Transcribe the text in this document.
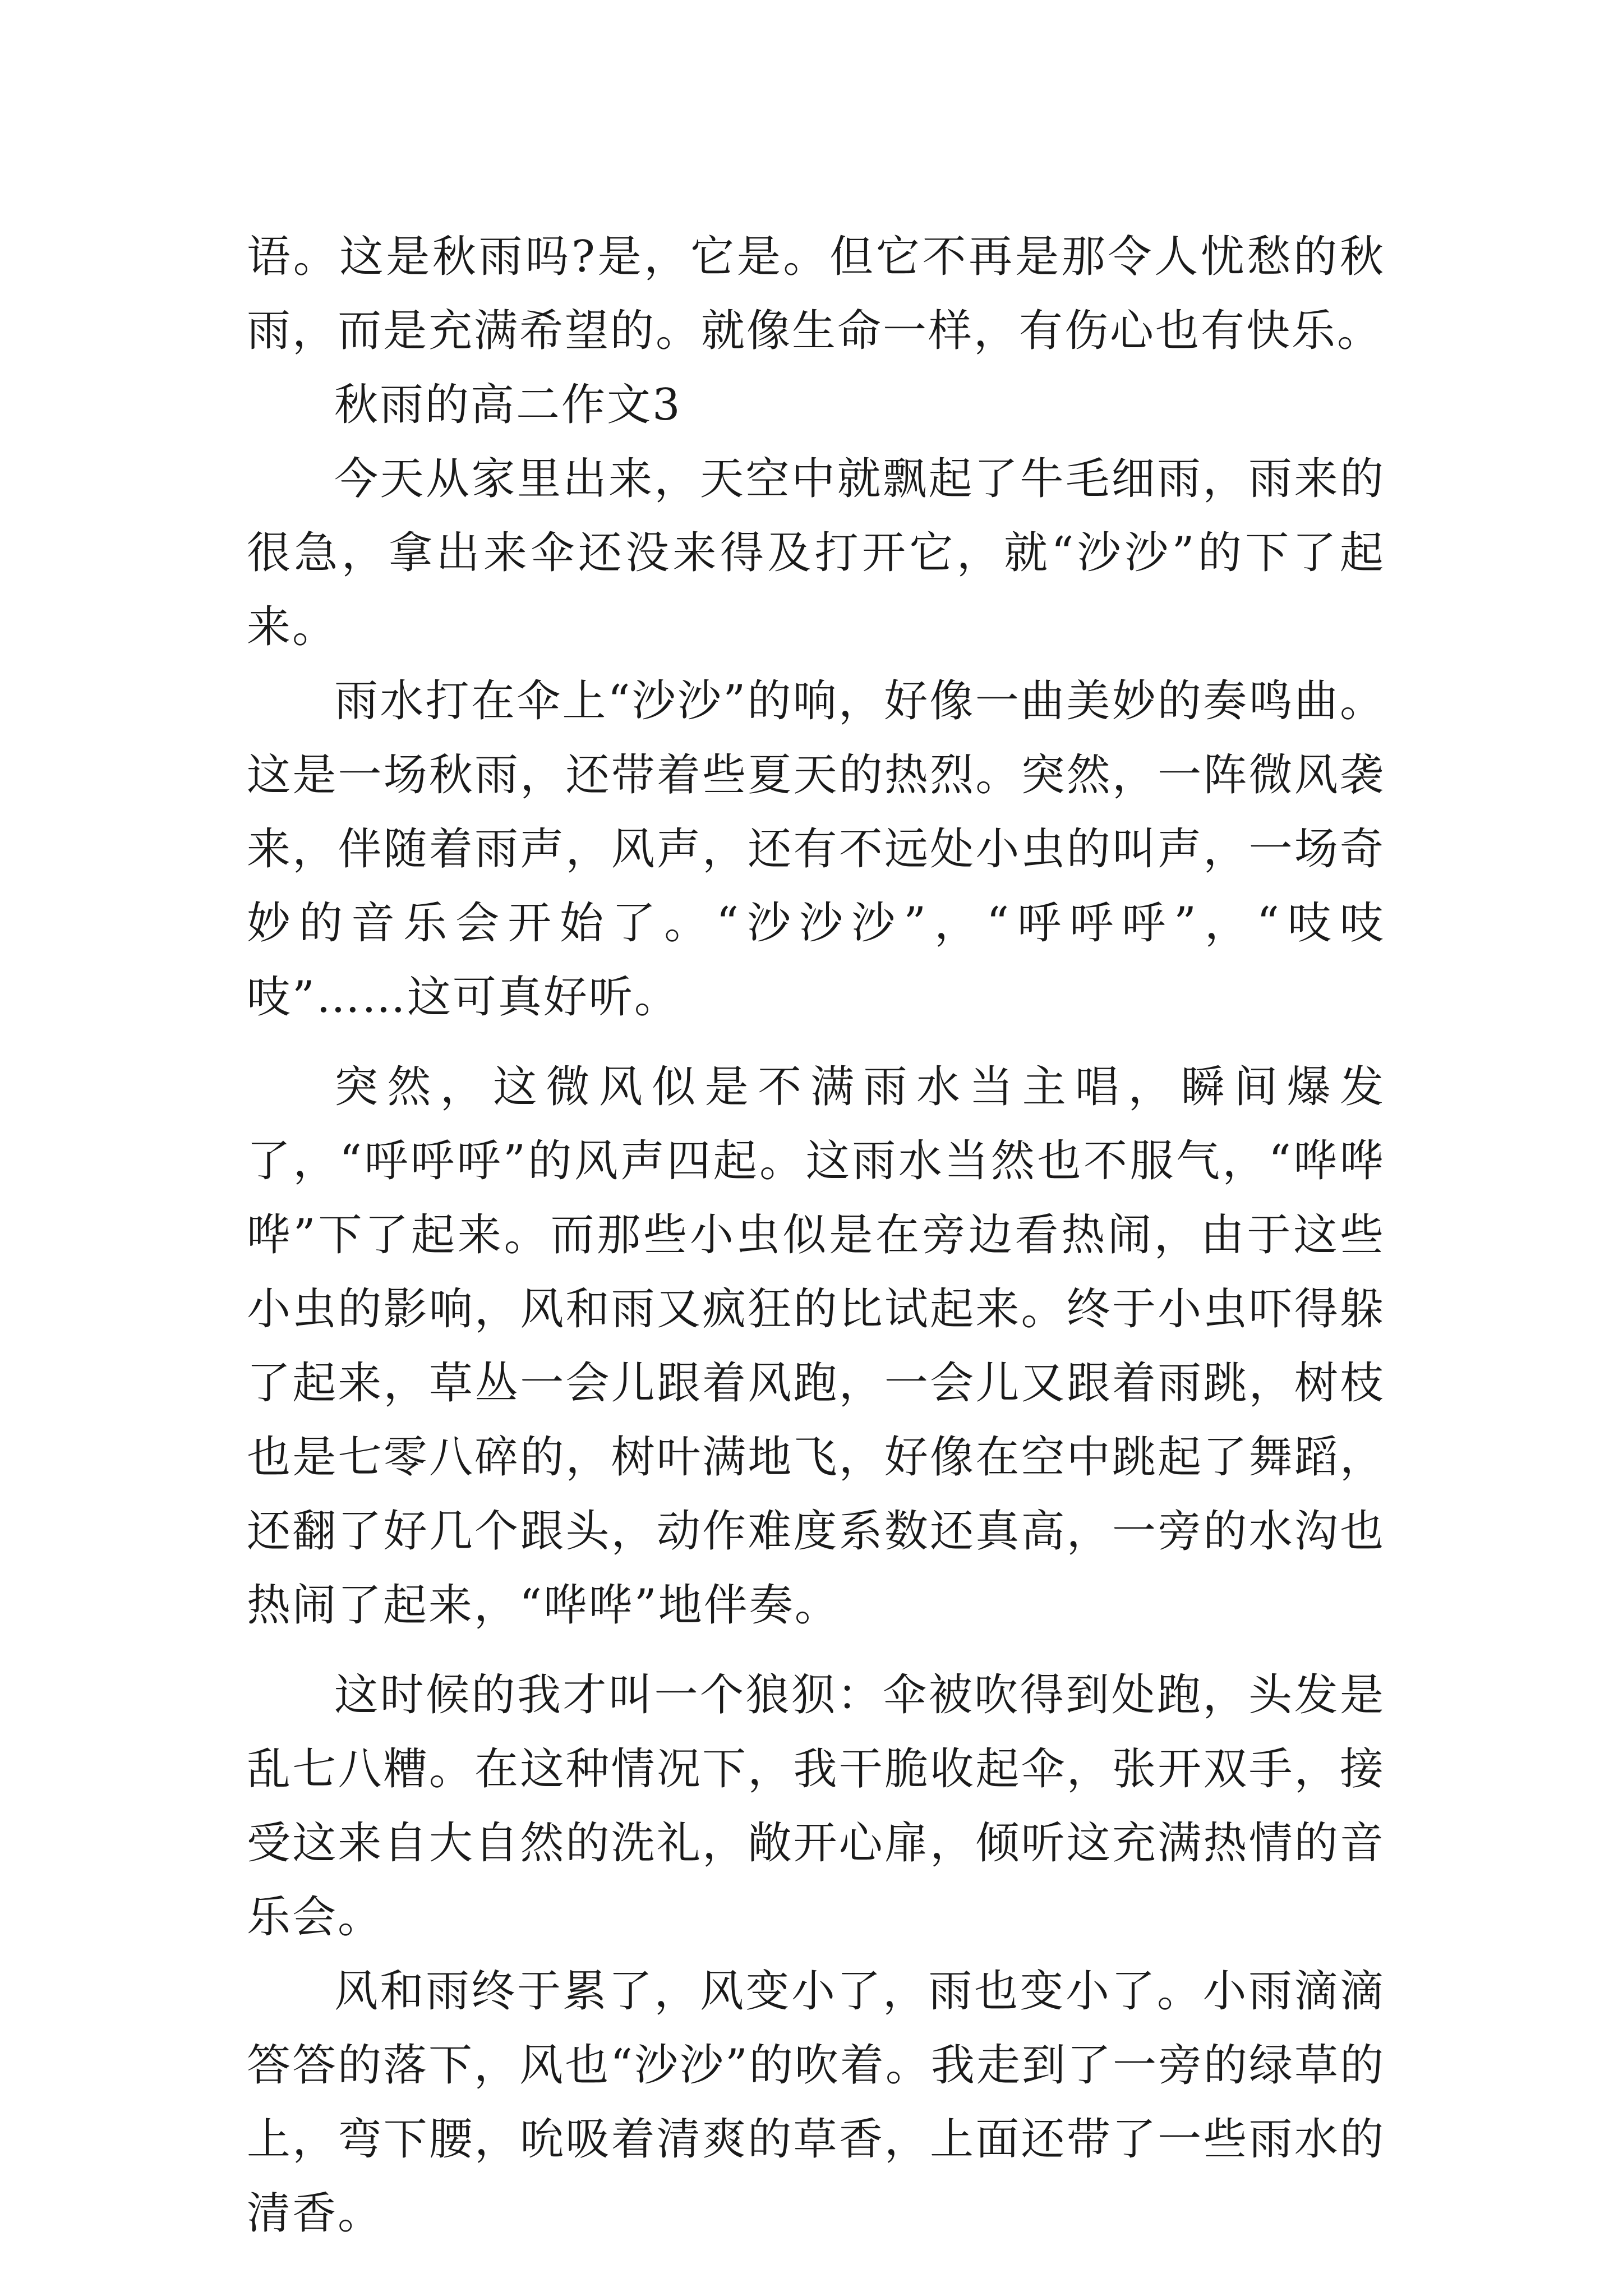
语。这是秋雨吗?是，它是。但它不再是那令人忧愁的秋雨，而是充满希望的。就像生命一样，有伤心也有快乐。

秋雨的高二作文3

今天从家里出来，天空中就飘起了牛毛细雨，雨来的很急，拿出来伞还没来得及打开它，就“沙沙”的下了起来。

雨水打在伞上“沙沙”的响，好像一曲美妙的奏鸣曲。这是一场秋雨，还带着些夏天的热烈。突然，一阵微风袭来，伴随着雨声，风声，还有不远处小虫的叫声，一场奇妙的音乐会开始了。“沙沙沙”，“呼呼呼”，“吱吱吱”……这可真好听。

突然，这微风似是不满雨水当主唱，瞬间爆发了，“呼呼呼”的风声四起。这雨水当然也不服气，“哗哗哗”下了起来。而那些小虫似是在旁边看热闹，由于这些小虫的影响，风和雨又疯狂的比试起来。终于小虫吓得躲了起来，草丛一会儿跟着风跑，一会儿又跟着雨跳，树枝也是七零八碎的，树叶满地飞，好像在空中跳起了舞蹈，还翻了好几个跟头，动作难度系数还真高，一旁的水沟也热闹了起来，“哗哗”地伴奏。

这时候的我才叫一个狼狈：伞被吹得到处跑，头发是乱七八糟。在这种情况下，我干脆收起伞，张开双手，接受这来自大自然的洗礼，敞开心扉，倾听这充满热情的音乐会。

风和雨终于累了，风变小了，雨也变小了。小雨滴滴答答的落下，风也“沙沙”的吹着。我走到了一旁的绿草的上，弯下腰，吮吸着清爽的草香，上面还带了一些雨水的清香。
